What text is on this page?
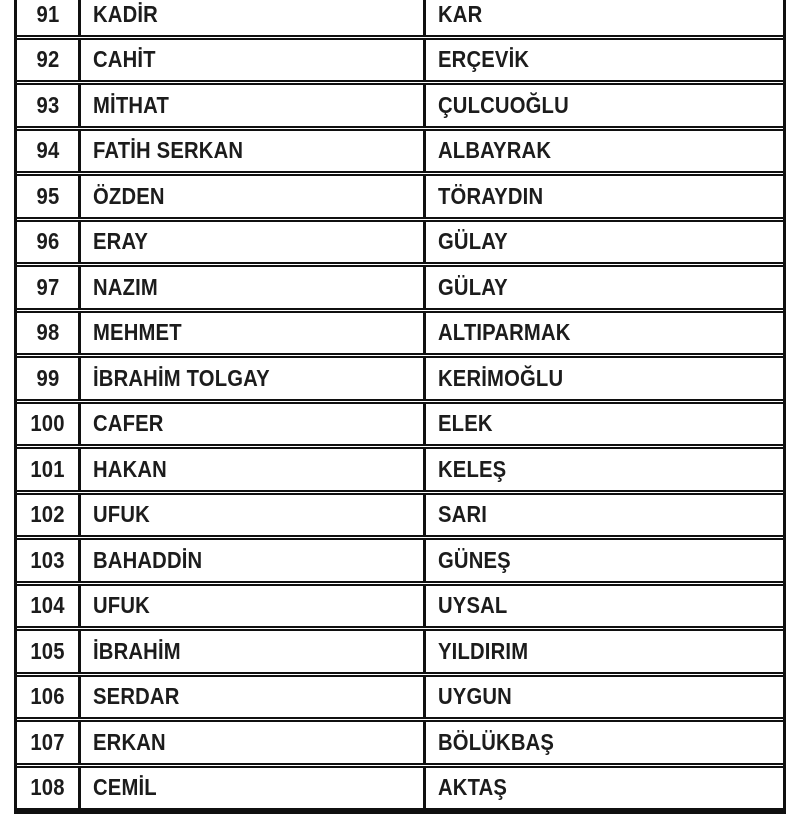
91 KADİR	KAR
92 CAHİT	ERÇEVİK
93 MİTHAT	ÇULCUOĞLU
94 FATİH SERKAN	ALBAYRAK
95 ÖZDEN	TÖRAYDIN
96 ERAY	GÜLAY
97 NAZIM	GÜLAY
98 MEHMET	ALTIPARMAK
99 İBRAHİM TOLGAY	KERİMOĞLU
100 CAFER	ELEK
101 HAKAN	KELEŞ
102 UFUK	SARI
103 BAHADDİN	GÜNEŞ
104 UFUK	UYSAL
105 İBRAHİM	YILDIRIM
106 SERDAR	UYGUN
107 ERKAN	BÖLÜKBAŞ
108 CEMİL	AKTAŞ
